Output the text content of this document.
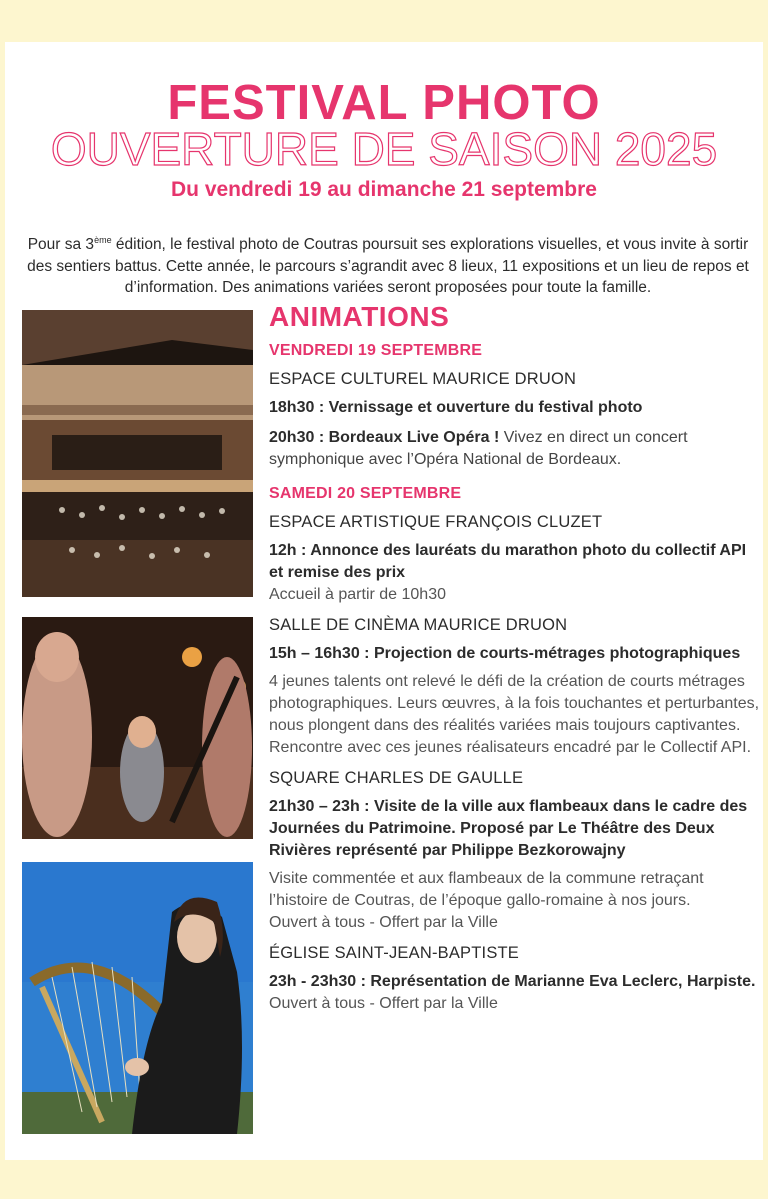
FESTIVAL PHOTO
OUVERTURE DE SAISON 2025
Du vendredi 19 au dimanche 21 septembre
Pour sa 3ème édition, le festival photo de Coutras poursuit ses explorations visuelles, et vous invite à sortir des sentiers battus. Cette année, le parcours s’agrandit avec 8 lieux, 11 expositions et un lieu de repos et d’information. Des animations variées seront proposées pour toute la famille.
ANIMATIONS
VENDREDI 19 SEPTEMBRE
ESPACE CULTUREL MAURICE DRUON
18h30 : Vernissage et ouverture du festival photo
20h30 : Bordeaux Live Opéra ! Vivez en direct un concert symphonique avec l’Opéra National de Bordeaux.
SAMEDI 20 SEPTEMBRE
ESPACE ARTISTIQUE FRANÇOIS CLUZET
12h : Annonce des lauréats du marathon photo du collectif API et remise des prix
Accueil à partir de 10h30
SALLE DE CINÈMA MAURICE DRUON
15h – 16h30 : Projection de courts-métrages photographiques
4 jeunes talents ont relevé le défi de la création de courts métrages photographiques. Leurs œuvres, à la fois touchantes et perturbantes, nous plongent dans des réalités variées mais toujours captivantes. Rencontre avec ces jeunes réalisateurs encadré par le Collectif API.
SQUARE CHARLES DE GAULLE
21h30 – 23h : Visite de la ville aux flambeaux dans le cadre des Journées du Patrimoine. Proposé par Le Théâtre des Deux Rivières représenté par Philippe Bezkorowajny
Visite commentée et aux flambeaux de la commune retraçant l’histoire de Coutras, de l’époque gallo-romaine à nos jours.
Ouvert à tous - Offert par la Ville
ÉGLISE SAINT-JEAN-BAPTISTE
23h - 23h30 : Représentation de Marianne Eva Leclerc, Harpiste.
Ouvert à tous - Offert par la Ville
